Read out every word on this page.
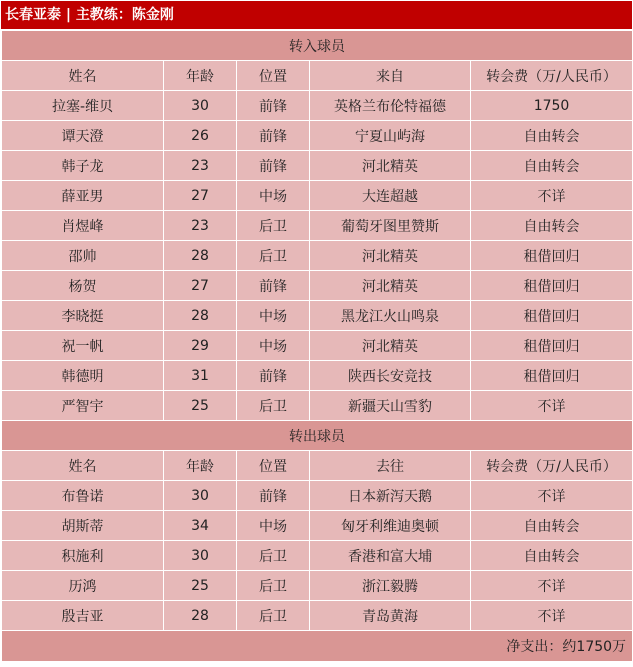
长春亚泰 | 主教练：陈金刚
转入球员				
姓名	年龄	位置	来自	转会费（万/人民币）
拉塞-维贝	30	前锋	英格兰布伦特福德	1750
谭天澄	26	前锋	宁夏山屿海	自由转会
韩子龙	23	前锋	河北精英	自由转会
薛亚男	27	中场	大连超越	不详
肖煜峰	23	后卫	葡萄牙图里赞斯	自由转会
邵帅	28	后卫	河北精英	租借回归
杨贺	27	前锋	河北精英	租借回归
李晓挺	28	中场	黑龙江火山鸣泉	租借回归
祝一帆	29	中场	河北精英	租借回归
韩德明	31	前锋	陕西长安竞技	租借回归
严智宇	25	后卫	新疆天山雪豹	不详
转出球员				
姓名	年龄	位置	去往	转会费（万/人民币）
布鲁诺	30	前锋	日本新泻天鹅	不详
胡斯蒂	34	中场	匈牙利维迪奥顿	自由转会
积施利	30	后卫	香港和富大埔	自由转会
历鸿	25	后卫	浙江毅腾	不详
殷吉亚	28	后卫	青岛黄海	不详
净支出：约1750万				
